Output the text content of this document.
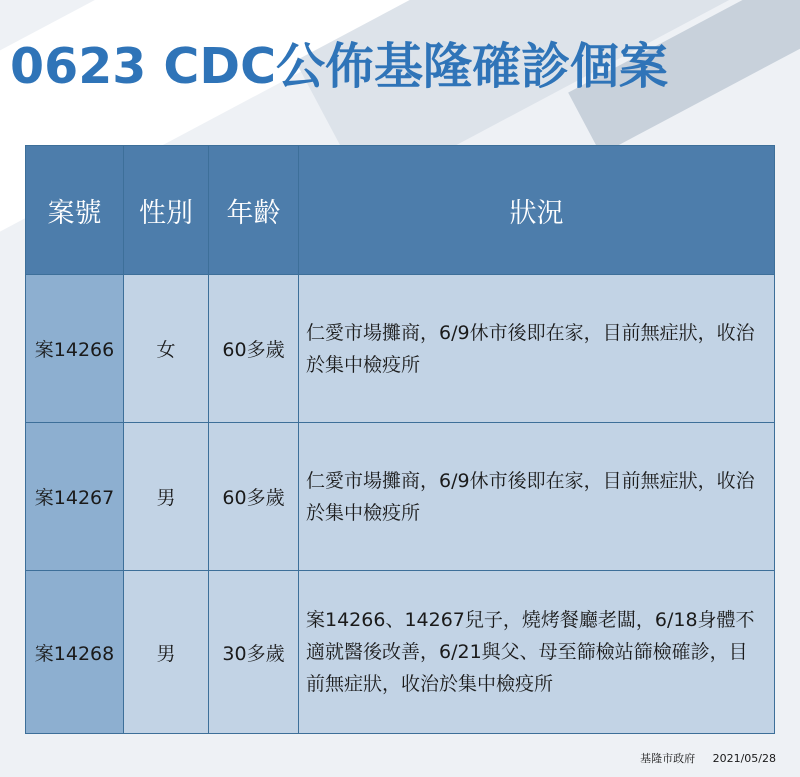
0623 CDC公佈基隆確診個案
案號	性別	年齡	狀況
案14266	女	60多歲	仁愛市場攤商，6/9休市後即在家，目前無症狀，收治於集中檢疫所
案14267	男	60多歲	仁愛市場攤商，6/9休市後即在家，目前無症狀，收治於集中檢疫所
案14268	男	30多歲	案14266、14267兒子，燒烤餐廳老闆，6/18身體不適就醫後改善，6/21與父、母至篩檢站篩檢確診，目前無症狀，收治於集中檢疫所
基隆市政府 2021/05/28
